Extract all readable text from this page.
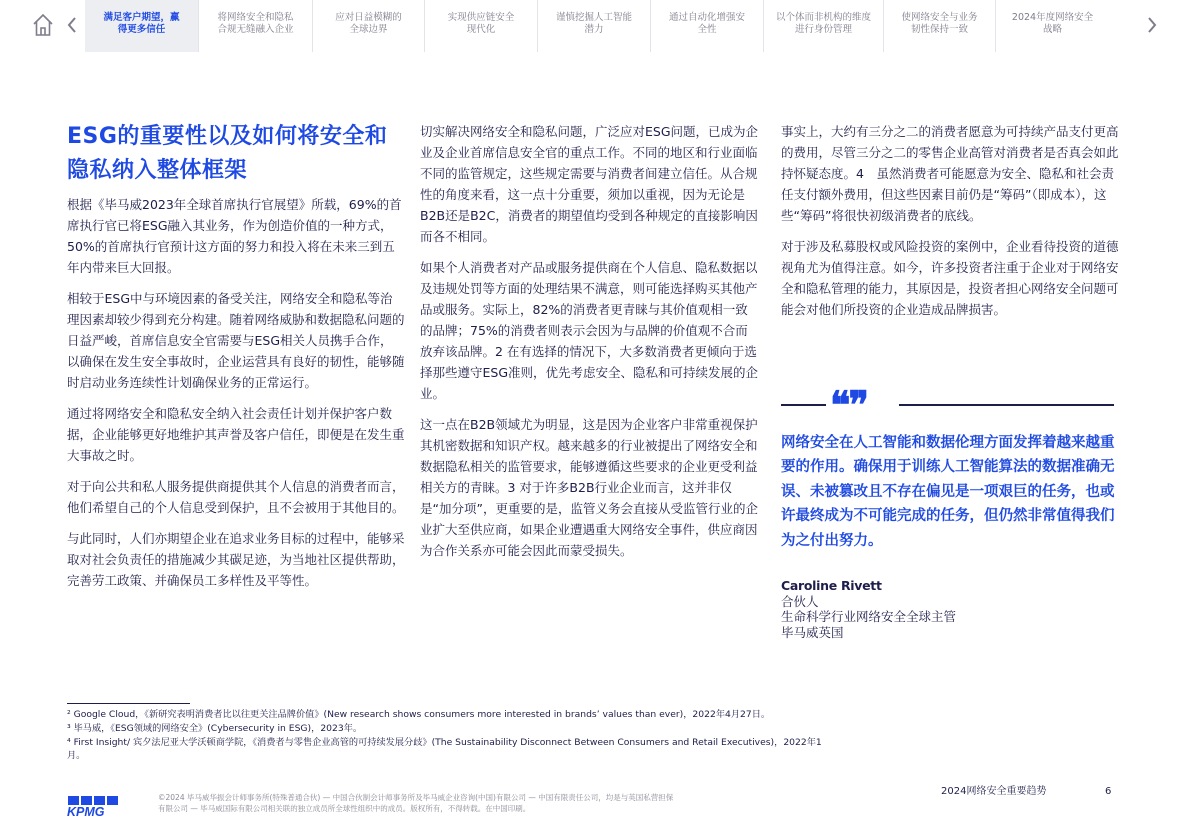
满足客户期望，赢
得更多信任
将网络安全和隐私
合规无缝融入企业
应对日益模糊的
全球边界
实现供应链安全
现代化
谨慎挖掘人工智能
潜力
通过自动化增强安
全性
以个体而非机构的维度
进行身份管理
使网络安全与业务
韧性保持一致
2024年度网络安全
战略
ESG的重要性以及如何将安全和隐私纳入整体框架

根据《毕马威2023年全球首席执行官展望》所载，69%的首席执行官已将ESG融入其业务，作为创造价值的一种方式，50%的首席执行官预计这方面的努力和投入将在未来三到五年内带来巨大回报。

相较于ESG中与环境因素的备受关注，网络安全和隐私等治理因素却较少得到充分构建。随着网络威胁和数据隐私问题的日益严峻，首席信息安全官需要与ESG相关人员携手合作，以确保在发生安全事故时，企业运营具有良好的韧性，能够随时启动业务连续性计划确保业务的正常运行。

通过将网络安全和隐私安全纳入社会责任计划并保护客户数据，企业能够更好地维护其声誉及客户信任，即便是在发生重大事故之时。

对于向公共和私人服务提供商提供其个人信息的消费者而言，他们希望自己的个人信息受到保护，且不会被用于其他目的。

与此同时，人们亦期望企业在追求业务目标的过程中，能够采取对社会负责任的措施减少其碳足迹，为当地社区提供帮助，完善劳工政策、并确保员工多样性及平等性。

切实解决网络安全和隐私问题，广泛应对ESG问题，已成为企业及企业首席信息安全官的重点工作。不同的地区和行业面临不同的监管规定，这些规定需要与消费者间建立信任。从合规性的角度来看，这一点十分重要，须加以重视，因为无论是B2B还是B2C，消费者的期望值均受到各种规定的直接影响因而各不相同。

如果个人消费者对产品或服务提供商在个人信息、隐私数据以及违规处罚等方面的处理结果不满意，则可能选择购买其他产品或服务。实际上，82%的消费者更青睐与其价值观相一致的品牌；75%的消费者则表示会因为与品牌的价值观不合而放弃该品牌。2 在有选择的情况下，大多数消费者更倾向于选择那些遵守ESG准则，优先考虑安全、隐私和可持续发展的企业。

这一点在B2B领域尤为明显，这是因为企业客户非常重视保护其机密数据和知识产权。越来越多的行业被提出了网络安全和数据隐私相关的监管要求，能够遵循这些要求的企业更受利益相关方的青睐。3 对于许多B2B行业企业而言，这并非仅是“加分项”，更重要的是，监管义务会直接从受监管行业的企业扩大至供应商，如果企业遭遇重大网络安全事件，供应商因为合作关系亦可能会因此而蒙受损失。

事实上，大约有三分之二的消费者愿意为可持续产品支付更高的费用，尽管三分之二的零售企业高管对消费者是否真会如此持怀疑态度。4　虽然消费者可能愿意为安全、隐私和社会责任支付额外费用，但这些因素目前仍是“筹码”（即成本），这些“筹码”将很快初级消费者的底线。

对于涉及私募股权或风险投资的案例中，企业看待投资的道德视角尤为值得注意。如今，许多投资者注重于企业对于网络安全和隐私管理的能力，其原因是，投资者担心网络安全问题可能会对他们所投资的企业造成品牌损害。

❝❞
网络安全在人工智能和数据伦理方面发挥着越来越重要的作用。确保用于训练人工智能算法的数据准确无误、未被篡改且不存在偏见是一项艰巨的任务，也或许最终成为不可能完成的任务，但仍然非常值得我们为之付出努力。
Caroline Rivett
合伙人
生命科学行业网络安全全球主管
毕马威英国
² Google Cloud，《新研究表明消费者比以往更关注品牌价值》(New research shows consumers more interested in brands’ values than ever)，2022年4月27日。
³ 毕马威，《ESG领域的网络安全》(Cybersecurity in ESG)，2023年。
⁴ First Insight/ 宾夕法尼亚大学沃顿商学院，《消费者与零售企业高管的可持续发展分歧》(The Sustainability Disconnect Between Consumers and Retail Executives)，2022年1月。
KPMG
©2024 毕马威华振会计师事务所(特殊普通合伙) — 中国合伙制会计师事务所及毕马威企业咨询(中国)有限公司 — 中国有限责任公司，均是与英国私营担保有限公司 — 毕马威国际有限公司相关联的独立成员所全球性组织中的成员。版权所有，不得转载。在中国印刷。
2024网络安全重要趋势	6
